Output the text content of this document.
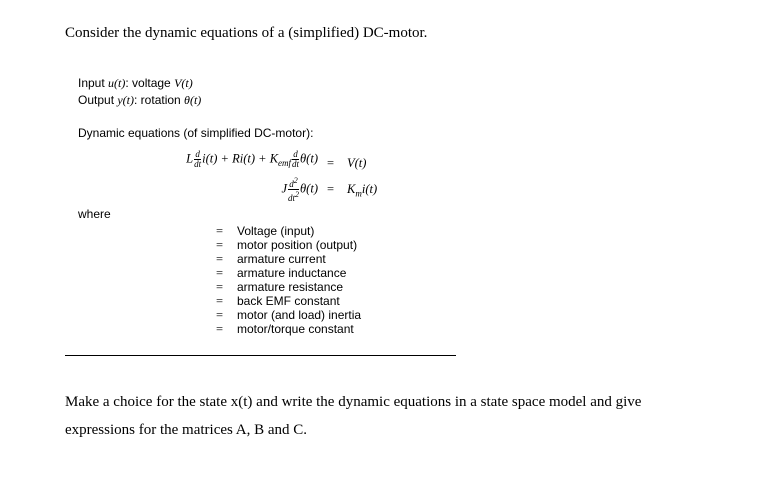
Consider the dynamic equations of a (simplified) DC-motor.
Input u(t): voltage V(t)
Output y(t): rotation θ(t)
Dynamic equations (of simplified DC-motor):
L $\frac{d}{dt} i(t) + Ri(t) + K_{emf} \frac{d}{dt} \theta(t) = V(t)$
J $\frac{d^2}{dt^2} \theta(t) = K_mi(t)$
where
= Voltage (input)
= motor position (output)
= armature current
= armature inductance
= armature resistance
= back EMF constant
= motor (and load) inertia
= motor/torque constant
Make a choice for the state x(t) and write the dynamic equations in a state space model and give
expressions for the matrices A, B and C.
